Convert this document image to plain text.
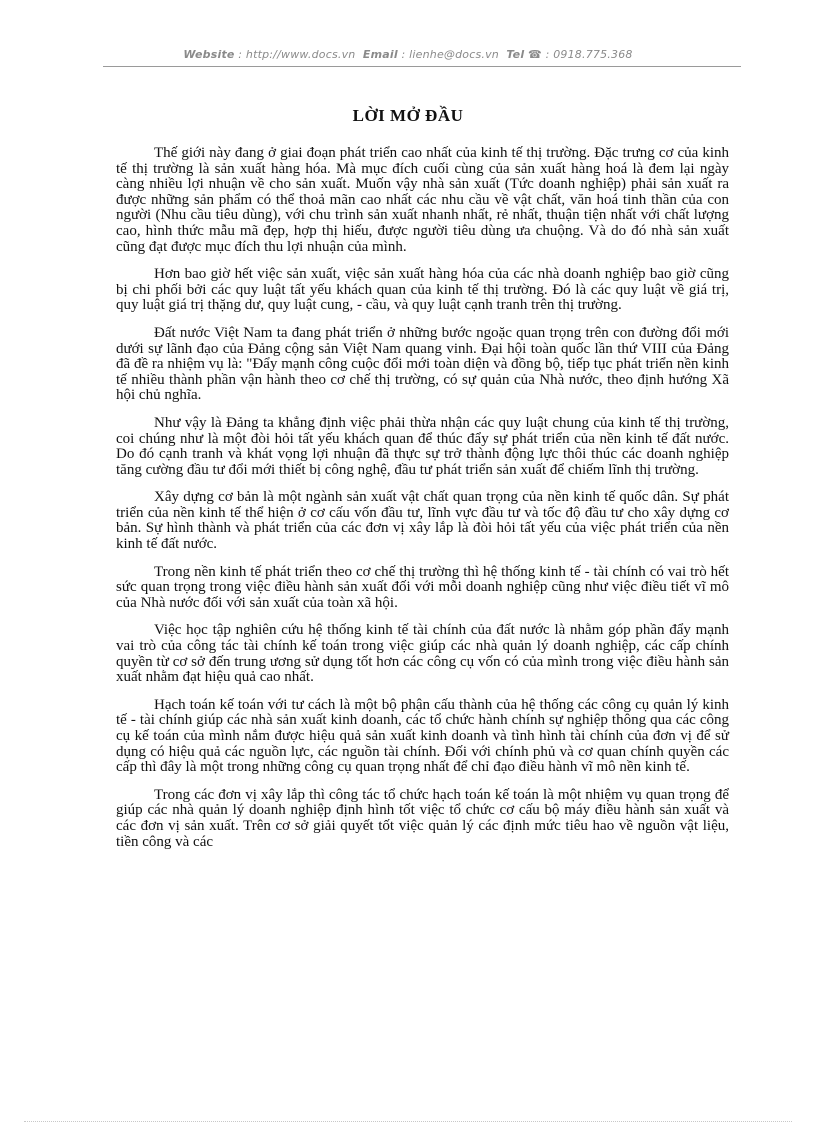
Website : http://www.docs.vn Email : lienhe@docs.vn Tel ☎ : 0918.775.368
LỜI MỞ ĐẦU

Thế giới này đang ở giai đoạn phát triển cao nhất của kinh tế thị trường. Đặc trưng cơ của kinh tế thị trường là sản xuất hàng hóa. Mà mục đích cuối cùng của sản xuất hàng hoá là đem lại ngày càng nhiều lợi nhuận về cho sản xuất. Muốn vậy nhà sản xuất (Tức doanh nghiệp) phải sản xuất ra được những sản phẩm có thể thoả mãn cao nhất các nhu cầu về vật chất, văn hoá tinh thần của con người (Nhu cầu tiêu dùng), với chu trình sản xuất nhanh nhất, rẻ nhất, thuận tiện nhất với chất lượng cao, hình thức mẫu mã đẹp, hợp thị hiếu, được người tiêu dùng ưa chuộng. Và do đó nhà sản xuất cũng đạt được mục đích thu lợi nhuận của mình.

Hơn bao giờ hết việc sản xuất, việc sản xuất hàng hóa của các nhà doanh nghiệp bao giờ cũng bị chi phối bởi các quy luật tất yếu khách quan của kinh tế thị trường. Đó là các quy luật về giá trị, quy luật giá trị thặng dư, quy luật cung, - cầu, và quy luật cạnh tranh trên thị trường.

Đất nước Việt Nam ta đang phát triển ở những bước ngoặc quan trọng trên con đường đổi mới dưới sự lãnh đạo của Đảng cộng sản Việt Nam quang vinh. Đại hội toàn quốc lần thứ VIII của Đảng đã đề ra nhiệm vụ là: "Đẩy mạnh công cuộc đổi mới toàn diện và đồng bộ, tiếp tục phát triển nền kinh tế nhiều thành phần vận hành theo cơ chế thị trường, có sự quản của Nhà nước, theo định hướng Xã hội chủ nghĩa.

Như vậy là Đảng ta khẳng định việc phải thừa nhận các quy luật chung của kinh tế thị trường, coi chúng như là một đòi hỏi tất yếu khách quan để thúc đẩy sự phát triển của nền kinh tế đất nước. Do đó cạnh tranh và khát vọng lợi nhuận đã thực sự trở thành động lực thôi thúc các doanh nghiệp tăng cường đầu tư đổi mới thiết bị công nghệ, đầu tư phát triển sản xuất để chiếm lĩnh thị trường.

Xây dựng cơ bản là một ngành sản xuất vật chất quan trọng của nền kinh tế quốc dân. Sự phát triển của nền kinh tế thể hiện ở cơ cấu vốn đầu tư, lĩnh vực đầu tư và tốc độ đầu tư cho xây dựng cơ bản. Sự hình thành và phát triển của các đơn vị xây lắp là đòi hỏi tất yếu của việc phát triển của nền kinh tế đất nước.

Trong nền kinh tế phát triển theo cơ chế thị trường thì hệ thống kinh tế - tài chính có vai trò hết sức quan trọng trong việc điều hành sản xuất đối với mỗi doanh nghiệp cũng như việc điều tiết vĩ mô của Nhà nước đối với sản xuất của toàn xã hội.

Việc học tập nghiên cứu hệ thống kinh tế tài chính của đất nước là nhằm góp phần đẩy mạnh vai trò của công tác tài chính kế toán trong việc giúp các nhà quản lý doanh nghiệp, các cấp chính quyền từ cơ sở đến trung ương sử dụng tốt hơn các công cụ vốn có của mình trong việc điều hành sản xuất nhằm đạt hiệu quả cao nhất.

Hạch toán kế toán với tư cách là một bộ phận cấu thành của hệ thống các công cụ quản lý kinh tế - tài chính giúp các nhà sản xuất kinh doanh, các tổ chức hành chính sự nghiệp thông qua các công cụ kế toán của mình nắm được hiệu quả sản xuất kinh doanh và tình hình tài chính của đơn vị để sử dụng có hiệu quả các nguồn lực, các nguồn tài chính. Đối với chính phủ và cơ quan chính quyền các cấp thì đây là một trong những công cụ quan trọng nhất để chỉ đạo điều hành vĩ mô nền kinh tế.

Trong các đơn vị xây lắp thì công tác tổ chức hạch toán kế toán là một nhiệm vụ quan trọng để giúp các nhà quản lý doanh nghiệp định hình tốt việc tổ chức cơ cấu bộ máy điều hành sản xuất và các đơn vị sản xuất. Trên cơ sở giải quyết tốt việc quản lý các định mức tiêu hao về nguồn vật liệu, tiền công và các
